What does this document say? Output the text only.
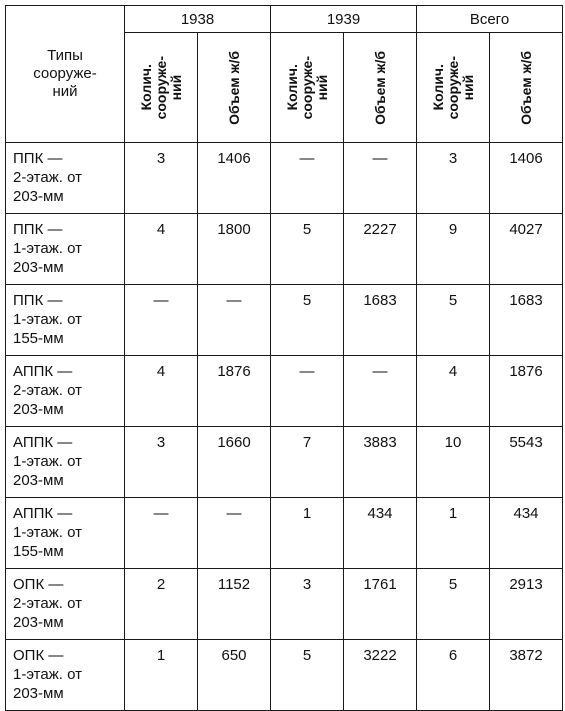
Типы
сооруже-
ний	1938		1939		Всего	

	Колич.
сооруже-
ний	Объем ж/б	Колич.
сооруже-
ний	Объем ж/б	Колич.
сооруже-
ний	Объем ж/б

ППК —
2-этаж. от
203-мм	3	1406	—	—	3	1406
ППК —
1-этаж. от
203-мм	4	1800	5	2227	9	4027
ППК —
1-этаж. от
155-мм	—	—	5	1683	5	1683
АППК —
2-этаж. от
203-мм	4	1876	—	—	4	1876
АППК —
1-этаж. от
203-мм	3	1660	7	3883	10	5543
АППК —
1-этаж. от
155-мм	—	—	1	434	1	434
ОПК —
2-этаж. от
203-мм	2	1152	3	1761	5	2913
ОПК —
1-этаж. от
203-мм	1	650	5	3222	6	3872
